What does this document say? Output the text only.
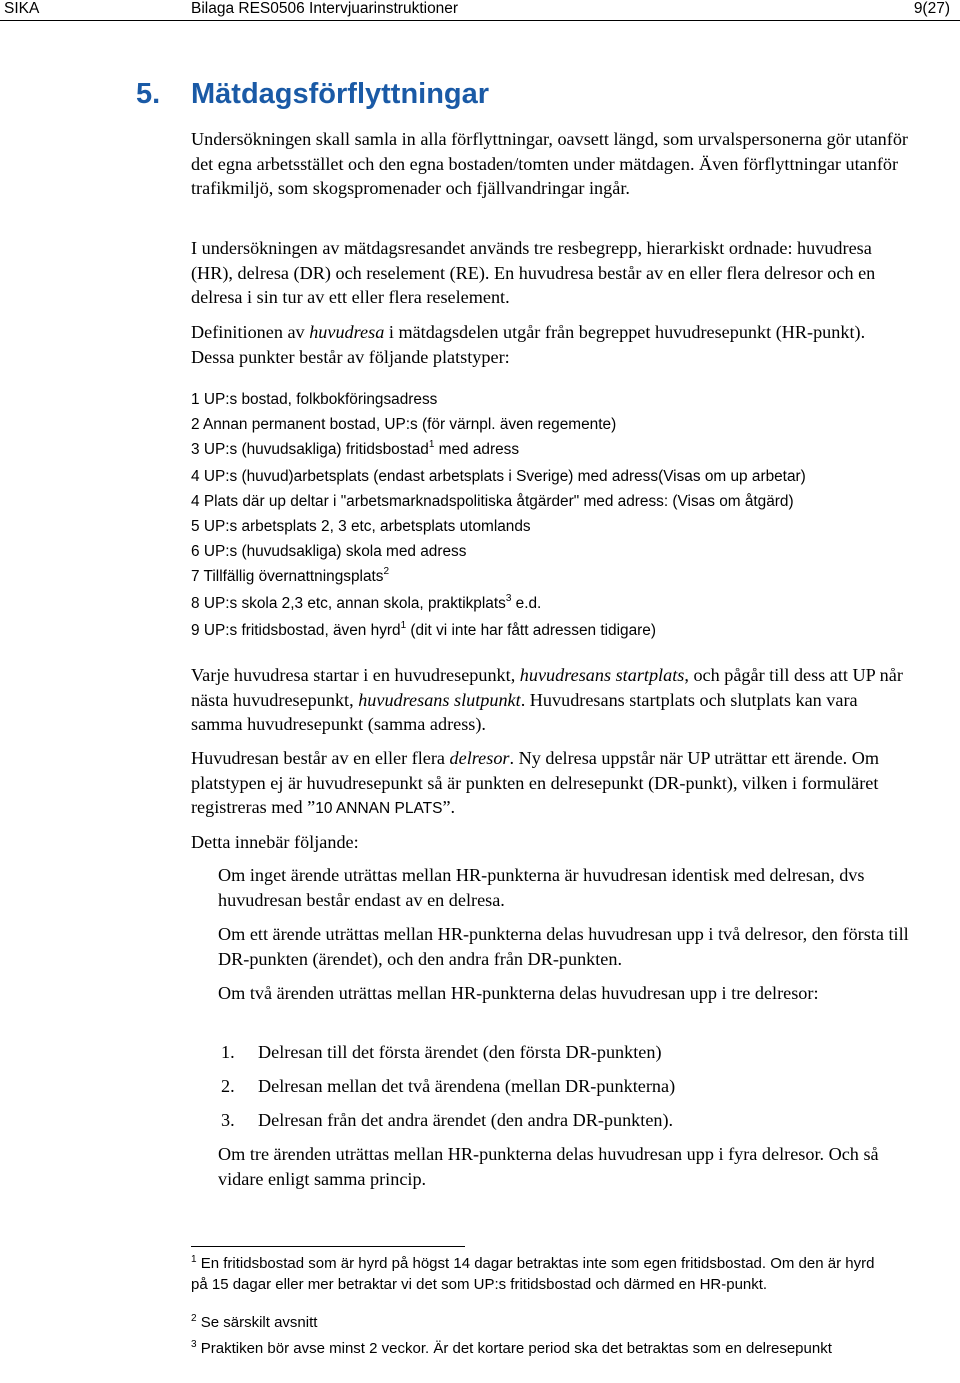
SIKA	Bilaga RES0506 Intervjuarinstruktioner	9(27)
5. Mätdagsförflyttningar

Undersökningen skall samla in alla förflyttningar, oavsett längd, som urvalspersonerna gör utanför det egna arbetsstället och den egna bostaden/tomten under mätdagen. Även förflyttningar utanför trafikmiljö, som skogspromenader och fjällvandringar ingår.

I undersökningen av mätdagsresandet används tre resbegrepp, hierarkiskt ordnade: huvudresa (HR), delresa (DR) och reselement (RE). En huvudresa består av en eller flera delresor och en delresa i sin tur av ett eller flera reselement.

Definitionen av huvudresa i mätdagsdelen utgår från begreppet huvudresepunkt (HR-punkt). Dessa punkter består av följande platstyper:

1 UP:s bostad, folkbokföringsadress
2 Annan permanent bostad, UP:s (för värnpl. även regemente)
3 UP:s (huvudsakliga) fritidsbostad$^1$ med adress
4 UP:s (huvud)arbetsplats (endast arbetsplats i Sverige) med adress(Visas om up arbetar)
4 Plats där up deltar i "arbetsmarknadspolitiska åtgärder" med adress: (Visas om åtgärd)
5 UP:s arbetsplats 2, 3 etc, arbetsplats utomlands
6 UP:s (huvudsakliga) skola med adress
7 Tillfällig övernattningsplats$^2$
8 UP:s skola 2,3 etc, annan skola, praktikplats$^3$ e.d.
9 UP:s fritidsbostad, även hyrd$^1$ (dit vi inte har fått adressen tidigare)

Varje huvudresa startar i en huvudresepunkt, huvudresans startplats, och pågår till dess att UP når nästa huvudresepunkt, huvudresans slutpunkt. Huvudresans startplats och slutplats kan vara samma huvudresepunkt (samma adress).

Huvudresan består av en eller flera delresor. Ny delresa uppstår när UP uträttar ett ärende. Om platstypen ej är huvudresepunkt så är punkten en delresepunkt (DR-punkt), vilken i formuläret registreras med ”10 ANNAN PLATS”.

Detta innebär följande:

Om inget ärende uträttas mellan HR-punkterna är huvudresan identisk med delresan, dvs huvudresan består endast av en delresa.

Om ett ärende uträttas mellan HR-punkterna delas huvudresan upp i två delresor, den första till DR-punkten (ärendet), och den andra från DR-punkten.

Om två ärenden uträttas mellan HR-punkterna delas huvudresan upp i tre delresor:

1. Delresan till det första ärendet (den första DR-punkten)
2. Delresan mellan det två ärendena (mellan DR-punkterna)
3. Delresan från det andra ärendet (den andra DR-punkten).

Om tre ärenden uträttas mellan HR-punkterna delas huvudresan upp i fyra delresor. Och så vidare enligt samma princip.

$^1$ En fritidsbostad som är hyrd på högst 14 dagar betraktas inte som egen fritidsbostad. Om den är hyrd på 15 dagar eller mer betraktar vi det som UP:s fritidsbostad och därmed en HR-punkt.

$^2$ Se särskilt avsnitt

$^3$ Praktiken bör avse minst 2 veckor. Är det kortare period ska det betraktas som en delresepunkt
